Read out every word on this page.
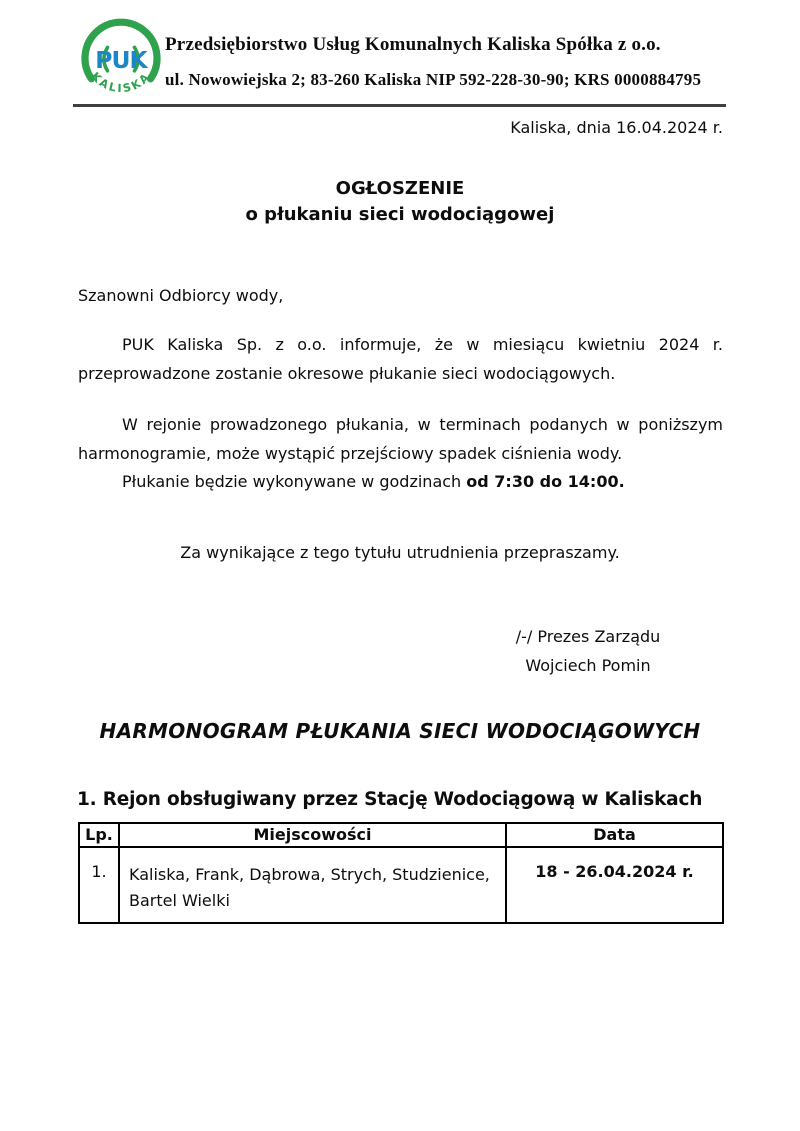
PUK
KALISKA
Przedsiębiorstwo Usług Komunalnych Kaliska Spółka z o.o.
ul. Nowowiejska 2; 83-260 Kaliska NIP 592-228-30-90; KRS 0000884795
Kaliska, dnia 16.04.2024 r.
OGŁOSZENIE
o płukaniu sieci wodociągowej
Szanowni Odbiorcy wody,

PUK Kaliska Sp. z o.o. informuje, że w miesiącu kwietniu 2024 r. przeprowadzone zostanie okresowe płukanie sieci wodociągowych.

W rejonie prowadzonego płukania, w terminach podanych w poniższym harmonogramie, może wystąpić przejściowy spadek ciśnienia wody.

Płukanie będzie wykonywane w godzinach od 7:30 do 14:00.

Za wynikające z tego tytułu utrudnienia przepraszamy.
/-/ Prezes Zarządu
Wojciech Pomin
HARMONOGRAM PŁUKANIA SIECI WODOCIĄGOWYCH
1. Rejon obsługiwany przez Stację Wodociągową w Kaliskach
Lp.	Miejscowości	Data
1.	Kaliska, Frank, Dąbrowa, Strych, Studzienice, Bartel Wielki	18 - 26.04.2024 r.
